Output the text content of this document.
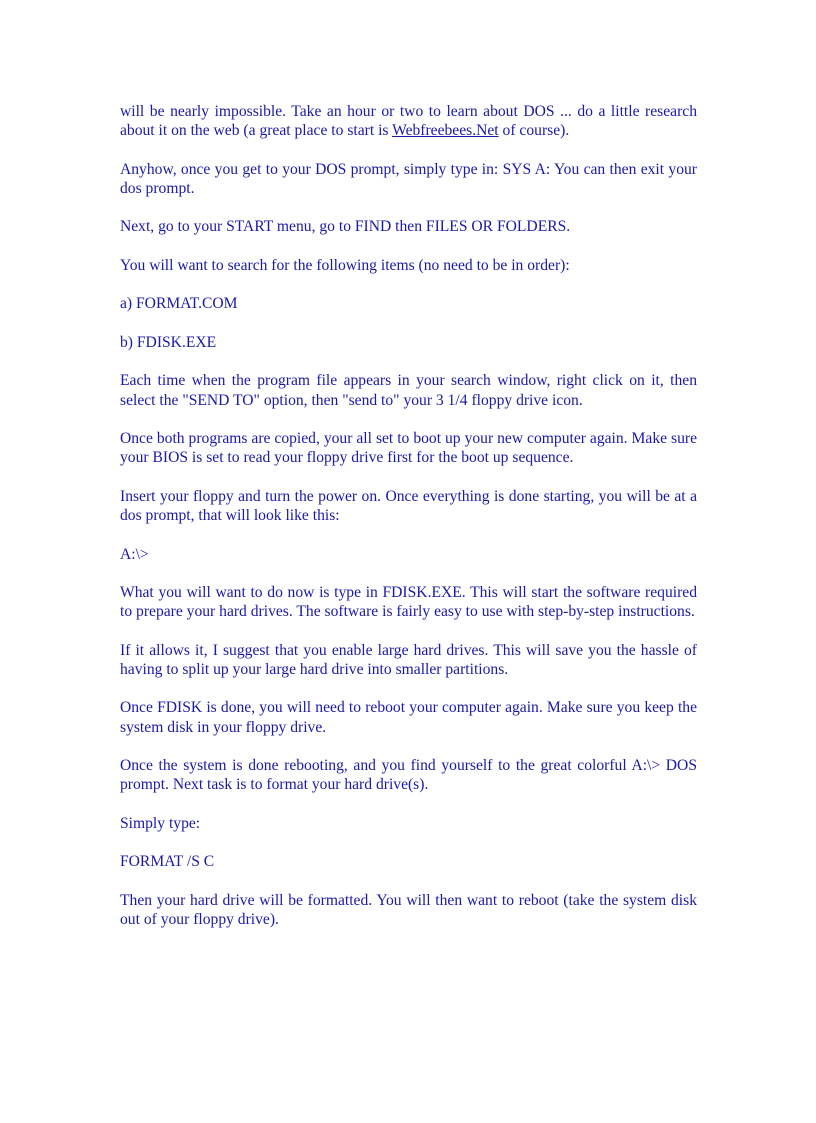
will be nearly impossible. Take an hour or two to learn about DOS ... do a little research about it on the web (a great place to start is Webfreebees.Net of course).

Anyhow, once you get to your DOS prompt, simply type in: SYS A: You can then exit your dos prompt.

Next, go to your START menu, go to FIND then FILES OR FOLDERS.

You will want to search for the following items (no need to be in order):

a) FORMAT.COM

b) FDISK.EXE

Each time when the program file appears in your search window, right click on it, then select the "SEND TO" option, then "send to" your 3 1/4 floppy drive icon.

Once both programs are copied, your all set to boot up your new computer again. Make sure your BIOS is set to read your floppy drive first for the boot up sequence.

Insert your floppy and turn the power on. Once everything is done starting, you will be at a dos prompt, that will look like this:

A:\>

What you will want to do now is type in FDISK.EXE. This will start the software required to prepare your hard drives. The software is fairly easy to use with step-by-step instructions.

If it allows it, I suggest that you enable large hard drives. This will save you the hassle of having to split up your large hard drive into smaller partitions.

Once FDISK is done, you will need to reboot your computer again. Make sure you keep the system disk in your floppy drive.

Once the system is done rebooting, and you find yourself to the great colorful A:\> DOS prompt. Next task is to format your hard drive(s).

Simply type:

FORMAT /S C

Then your hard drive will be formatted. You will then want to reboot (take the system disk out of your floppy drive).
